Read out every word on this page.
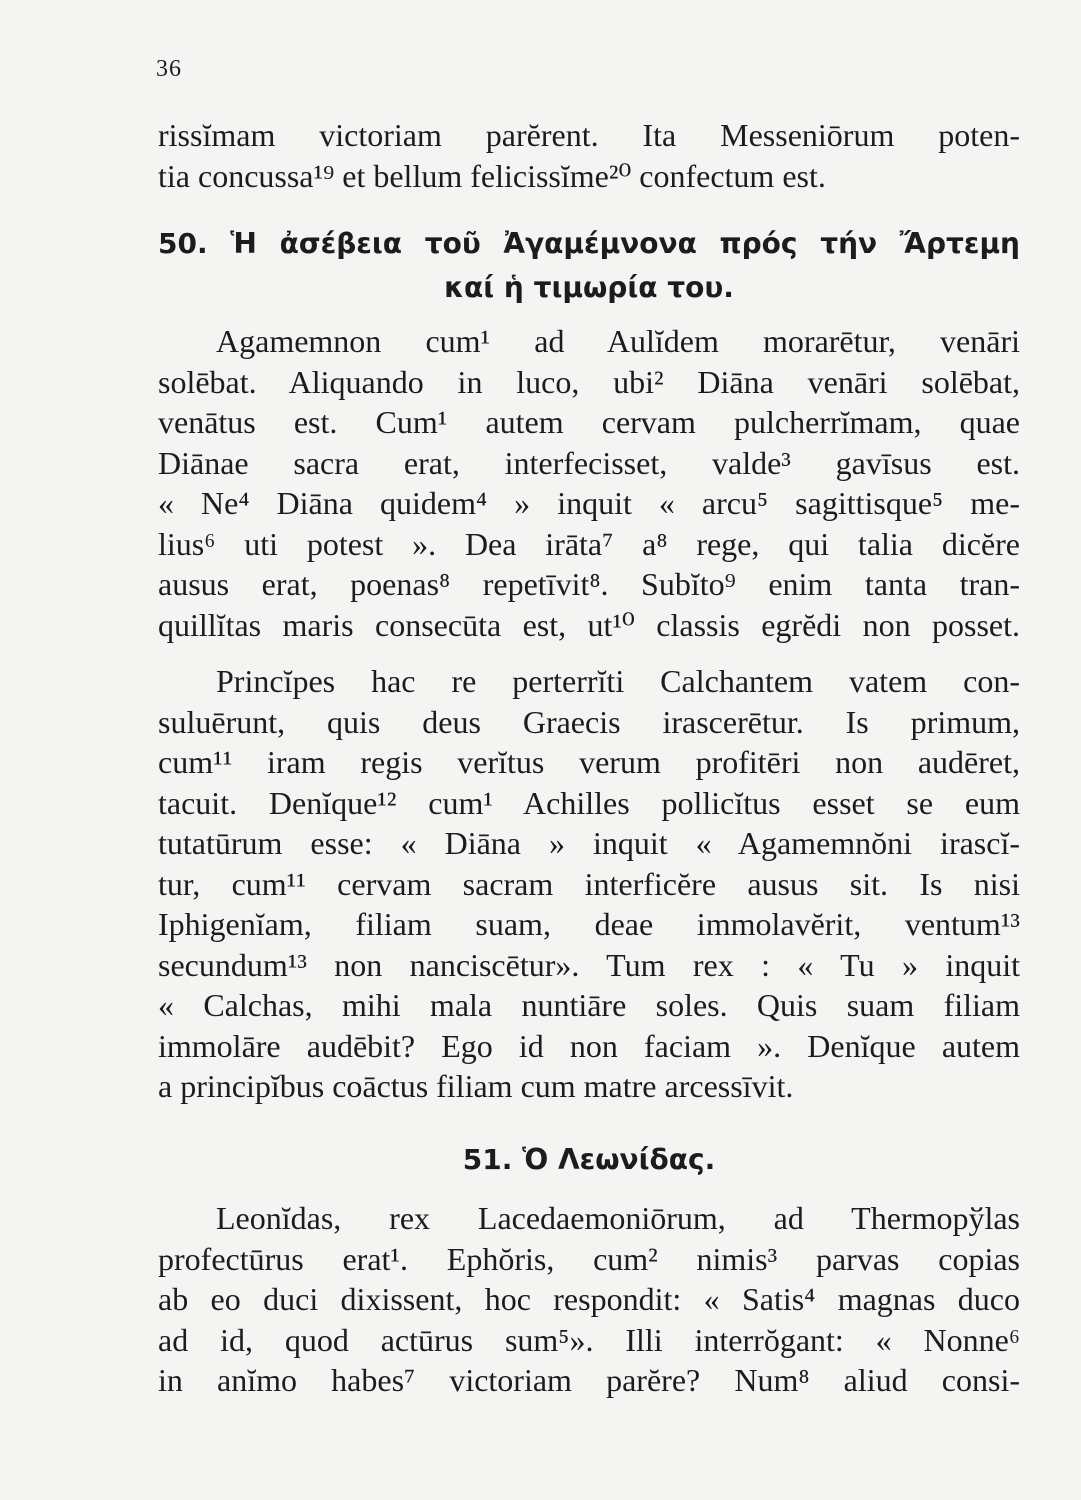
36
rissĭmam victoriam parĕrent. Ita Messeniōrum poten-
tia concussa¹⁹ et bellum felicissĭme²⁰ confectum est.
50. Ἡ ἀσέβεια τοῦ Ἀγαμέμνονα πρός τήν Ἄρτεμη
καί ἡ τιμωρία του.
Agamemnon cum¹ ad Aulĭdem morarētur, venāri
solēbat. Aliquando in luco, ubi² Diāna venāri solēbat,
venātus est. Cum¹ autem cervam pulcherrĭmam, quae
Diānae sacra erat, interfecisset, valde³ gavīsus est.
« Ne⁴ Diāna quidem⁴ » inquit « arcu⁵ sagittisque⁵ me-
lius⁶ uti potest ». Dea irāta⁷ a⁸ rege, qui talia dicĕre
ausus erat, poenas⁸ repetīvit⁸. Subĭto⁹ enim tanta tran-
quillĭtas maris consecūta est, ut¹⁰ classis egrĕdi non posset.
Princĭpes hac re perterrĭti Calchantem vatem con-
suluērunt, quis deus Graecis irascerētur. Is primum,
cum¹¹ iram regis verĭtus verum profitēri non audēret,
tacuit. Denĭque¹² cum¹ Achilles pollicĭtus esset se eum
tutatūrum esse: « Diāna » inquit « Agamemnŏni irascĭ-
tur, cum¹¹ cervam sacram interficĕre ausus sit. Is nisi
Iphigenĭam, filiam suam, deae immolavĕrit, ventum¹³
secundum¹³ non nanciscētur». Tum rex : « Tu » inquit
« Calchas, mihi mala nuntiāre soles. Quis suam filiam
immolāre audēbit? Ego id non faciam ». Denĭque autem
a principĭbus coāctus filiam cum matre arcessīvit.
51. Ὁ Λεωνίδας.
Leonĭdas, rex Lacedaemoniōrum, ad Thermopўlas
profectūrus erat¹. Ephŏris, cum² nimis³ parvas copias
ab eo duci dixissent, hoc respondit: « Satis⁴ magnas duco
ad id, quod actūrus sum⁵». Illi interrŏgant: « Nonne⁶
in anĭmo habes⁷ victoriam parĕre? Num⁸ aliud consi-
